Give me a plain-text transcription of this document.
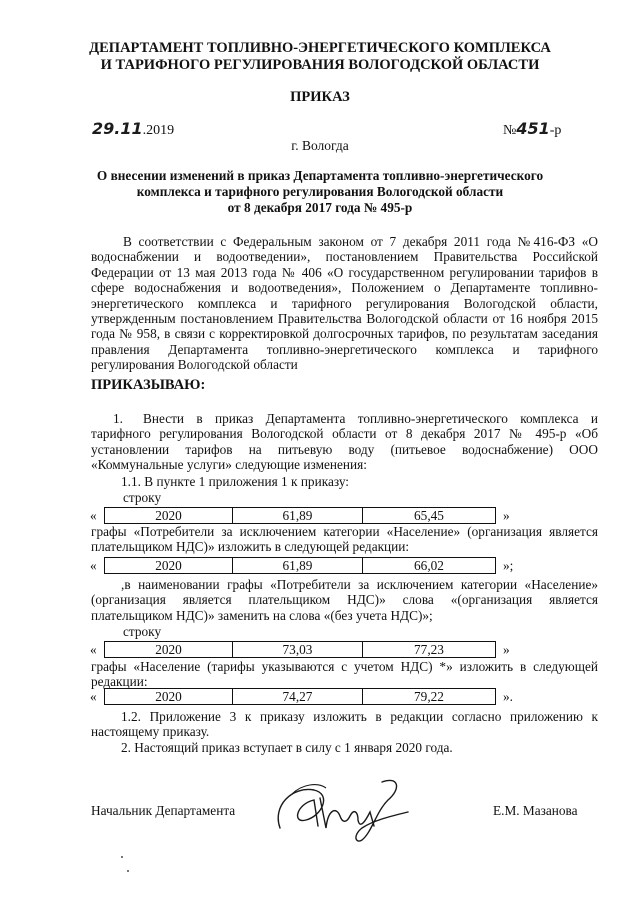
ДЕПАРТАМЕНТ ТОПЛИВНО-ЭНЕРГЕТИЧЕСКОГО КОМПЛЕКСА
И ТАРИФНОГО РЕГУЛИРОВАНИЯ ВОЛОГОДСКОЙ ОБЛАСТИ
ПРИКАЗ
29.11.2019	№451-р
г. Вологда
О внесении изменений в приказ Департамента топливно-энергетического
комплекса и тарифного регулирования Вологодской области
от 8 декабря 2017 года № 495-р
В соответствии с Федеральным законом от 7 декабря 2011 года №416-ФЗ «О водоснабжении и водоотведении», постановлением Правительства Российской Федерации от 13 мая 2013 года № 406 «О государственном регулировании тарифов в сфере водоснабжения и водоотведения», Положением о Департаменте топливно-энергетического комплекса и тарифного регулирования Вологодской области, утвержденным постановлением Правительства Вологодской области от 16 ноября 2015 года № 958, в связи с корректировкой долгосрочных тарифов, по результатам заседания правления Департамента топливно-энергетического комплекса и тарифного регулирования Вологодской области
ПРИКАЗЫВАЮ:
1. Внести в приказ Департамента топливно-энергетического комплекса и тарифного регулирования Вологодской области от 8 декабря 2017 № 495-р «Об установлении тарифов на питьевую воду (питьевое водоснабжение) ООО «Коммунальные услуги» следующие изменения:
1.1. В пункте 1 приложения 1 к приказу:
строку
«	2020	61,89	65,45	»
графы «Потребители за исключением категории «Население» (организация является плательщиком НДС)» изложить в следующей редакции:
«	2020	61,89	66,02	»;
,в наименовании графы «Потребители за исключением категории «Население» (организация является плательщиком НДС)» слова «(организация является плательщиком НДС)» заменить на слова «(без учета НДС)»;
строку
«	2020	73,03	77,23	»
графы «Население (тарифы указываются с учетом НДС) *» изложить в следующей редакции:
«	2020	74,27	79,22	».
1.2. Приложение 3 к приказу изложить в редакции согласно приложению к настоящему приказу.
2. Настоящий приказ вступает в силу с 1 января 2020 года.
Начальник Департамента	Е.М. Мазанова
